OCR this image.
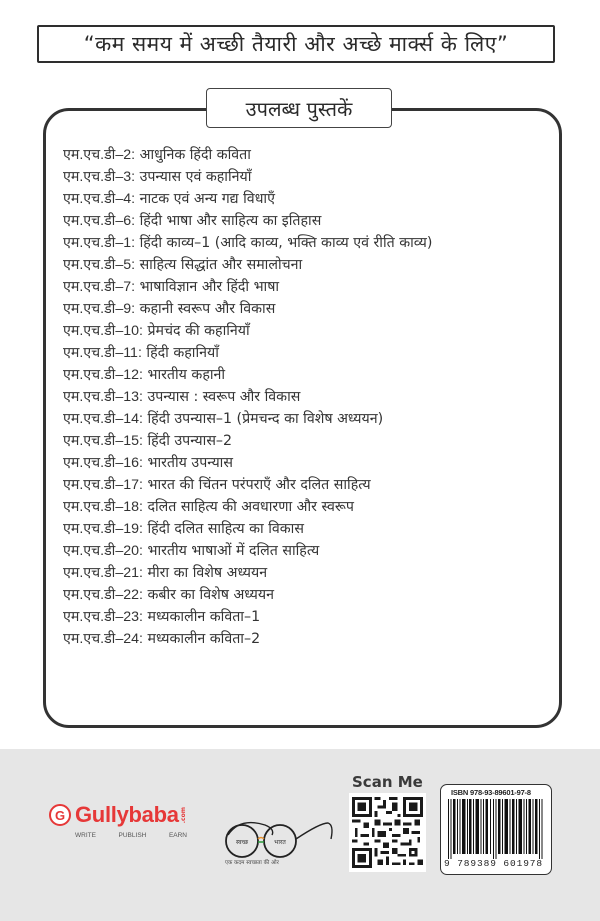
“कम समय में अच्छी तैयारी और अच्छे मार्क्स के लिए”
उपलब्ध पुस्तकें
एम.एच.डी–2: आधुनिक हिंदी कविता
एम.एच.डी–3: उपन्यास एवं कहानियाँ
एम.एच.डी–4: नाटक एवं अन्य गद्य विधाएँ
एम.एच.डी–6: हिंदी भाषा और साहित्य का इतिहास
एम.एच.डी–1: हिंदी काव्य–1 (आदि काव्य, भक्ति काव्य एवं रीति काव्य)
एम.एच.डी–5: साहित्य सिद्धांत और समालोचना
एम.एच.डी–7: भाषाविज्ञान और हिंदी भाषा
एम.एच.डी–9: कहानी स्वरूप और विकास
एम.एच.डी–10: प्रेमचंद की कहानियाँ
एम.एच.डी–11: हिंदी कहानियाँ
एम.एच.डी–12: भारतीय कहानी
एम.एच.डी–13: उपन्यास : स्वरूप और विकास
एम.एच.डी–14: हिंदी उपन्यास–1 (प्रेमचन्द का विशेष अध्ययन)
एम.एच.डी–15: हिंदी उपन्यास–2
एम.एच.डी–16: भारतीय उपन्यास
एम.एच.डी–17: भारत की चिंतन परंपराएँ और दलित साहित्य
एम.एच.डी–18: दलित साहित्य की अवधारणा और स्वरूप
एम.एच.डी–19: हिंदी दलित साहित्य का विकास
एम.एच.डी–20: भारतीय भाषाओं में दलित साहित्य
एम.एच.डी–21: मीरा का विशेष अध्ययन
एम.एच.डी–22: कबीर का विशेष अध्ययन
एम.एच.डी–23: मध्यकालीन कविता–1
एम.एच.डी–24: मध्यकालीन कविता–2
G Gullybaba .com
WRITE	PUBLISH	EARN
स्वच्छ	भारत
एक कदम स्वच्छता की ओर
Scan Me
ISBN 978-93-89601-97-8
9 789389 601978
